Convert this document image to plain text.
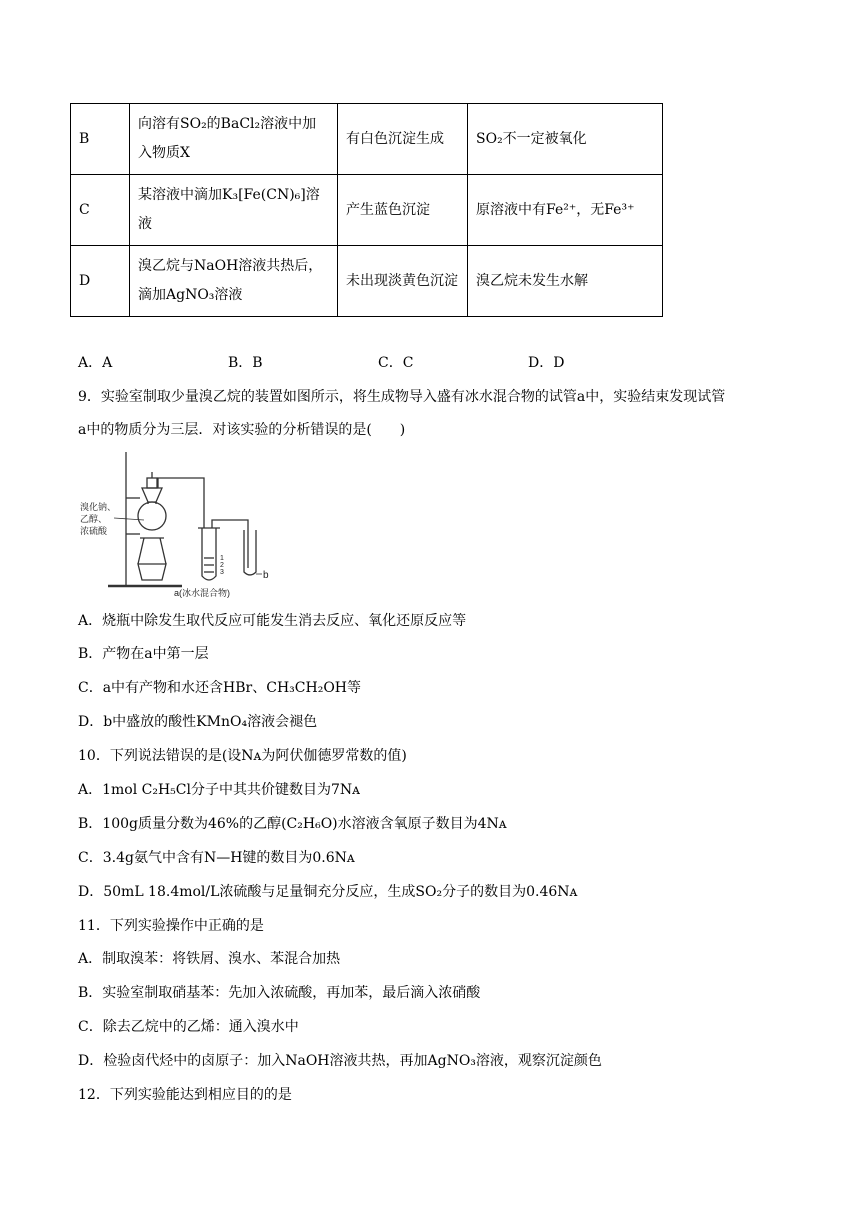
B	向溶有SO₂的BaCl₂溶液中加入物质X	有白色沉淀生成	SO₂不一定被氧化
C	某溶液中滴加K₃[Fe(CN)₆]溶液	产生蓝色沉淀	原溶液中有Fe²⁺，无Fe³⁺
D	溴乙烷与NaOH溶液共热后，滴加AgNO₃溶液	未出现淡黄色沉淀	溴乙烷未发生水解
A．A	B．B	C．C	D．D
9．实验室制取少量溴乙烷的装置如图所示，将生成物导入盛有冰水混合物的试管a中，实验结束发现试管
a中的物质分为三层．对该实验的分析错误的是(　　)
溴化钠、
乙醇、
浓硫酸
1
2
3	b
a(冰水混合物)
A．烧瓶中除发生取代反应可能发生消去反应、氧化还原反应等
B．产物在a中第一层
C．a中有产物和水还含HBr、CH₃CH₂OH等
D．b中盛放的酸性KMnO₄溶液会褪色
10．下列说法错误的是(设Nᴀ为阿伏伽德罗常数的值)
A．1mol C₂H₅Cl分子中其共价键数目为7Nᴀ
B．100g质量分数为46%的乙醇(C₂H₆O)水溶液含氧原子数目为4Nᴀ
C．3.4g氨气中含有N—H键的数目为0.6Nᴀ
D．50mL 18.4mol/L浓硫酸与足量铜充分反应，生成SO₂分子的数目为0.46Nᴀ
11．下列实验操作中正确的是
A．制取溴苯：将铁屑、溴水、苯混合加热
B．实验室制取硝基苯：先加入浓硫酸，再加苯，最后滴入浓硝酸
C．除去乙烷中的乙烯：通入溴水中
D．检验卤代烃中的卤原子：加入NaOH溶液共热，再加AgNO₃溶液，观察沉淀颜色
12．下列实验能达到相应目的的是
